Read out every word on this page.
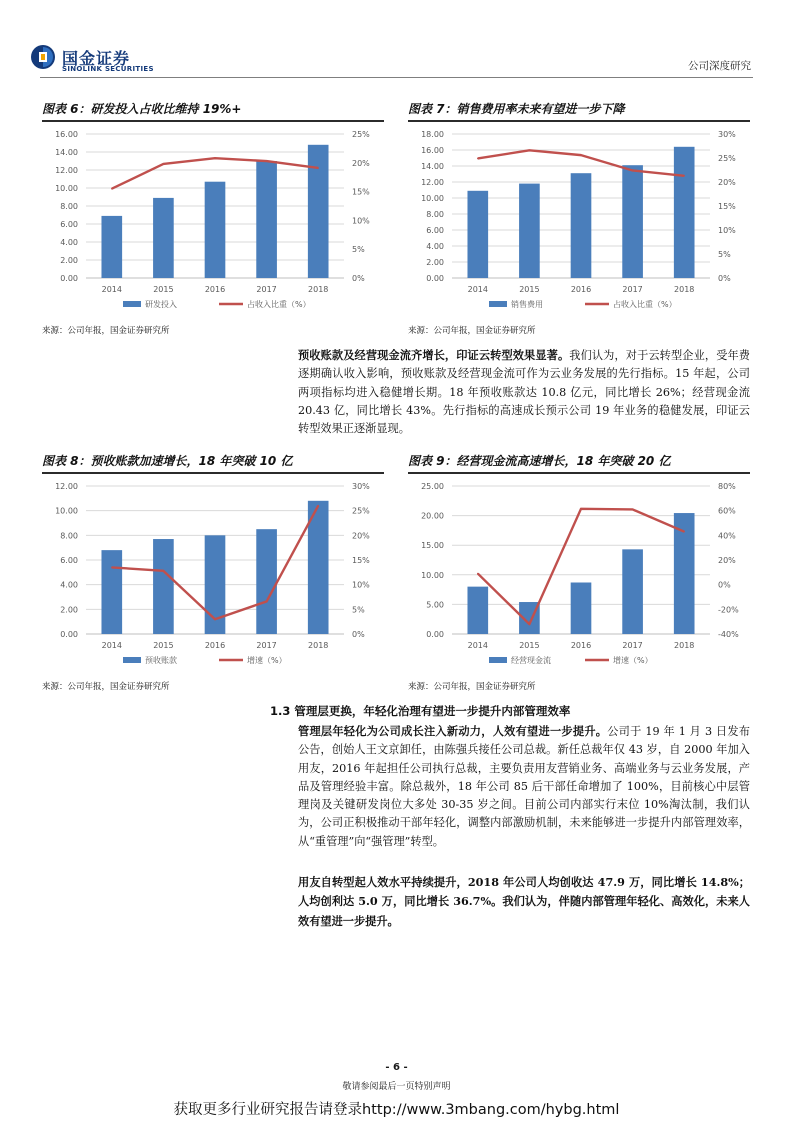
国金证券
SINOLINK SECURITIES	公司深度研究
图表 6：研发投入占收比维持 19%+
0.00
2.00
4.00
6.00
8.00
10.00
12.00
14.00
16.00
0%
5%
10%
15%
20%
25%
2014	2015	2016	2017	2018
研发投入	占收入比重（%）
来源：公司年报，国金证券研究所
图表 7：销售费用率未来有望进一步下降
0.00
2.00
4.00
6.00
8.00
10.00
12.00
14.00
16.00
18.00
0%
5%
10%
15%
20%
25%
30%
2014	2015	2016	2017	2018
销售费用	占收入比重（%）
来源：公司年报，国金证券研究所

预收账款及经营现金流齐增长，印证云转型效果显著。我们认为，对于云转型企业，受年费逐期确认收入影响，预收账款及经营现金流可作为云业务发展的先行指标。15 年起，公司两项指标均进入稳健增长期。18 年预收账款达 10.8 亿元，同比增长 26%；经营现金流 20.43 亿，同比增长 43%。先行指标的高速成长预示公司 19 年业务的稳健发展，印证云转型效果正逐渐显现。

图表 8：预收账款加速增长，18 年突破 10 亿
0.00
2.00
4.00
6.00
8.00
10.00
12.00
0%
5%
10%
15%
20%
25%
30%
2014	2015	2016	2017	2018
预收账款	增速（%）
来源：公司年报，国金证券研究所
图表 9：经营现金流高速增长，18 年突破 20 亿
0.00
5.00
10.00
15.00
20.00
25.00
-40%
-20%
0%
20%
40%
60%
80%
2014	2015	2016	2017	2018
经营现金流	增速（%）
来源：公司年报，国金证券研究所
1.3 管理层更换，年轻化治理有望进一步提升内部管理效率

管理层年轻化为公司成长注入新动力，人效有望进一步提升。公司于 19 年 1 月 3 日发布公告，创始人王文京卸任，由陈强兵接任公司总裁。新任总裁年仅 43 岁，自 2000 年加入用友，2016 年起担任公司执行总裁，主要负责用友营销业务、高端业务与云业务发展，产品及管理经验丰富。除总裁外，18 年公司 85 后干部任命增加了 100%，目前核心中层管理岗及关键研发岗位大多处 30-35 岁之间。目前公司内部实行末位 10%淘汰制，我们认为，公司正积极推动干部年轻化，调整内部激励机制，未来能够进一步提升内部管理效率，从“重管理”向“强管理”转型。

用友自转型起人效水平持续提升，2018 年公司人均创收达 47.9 万，同比增长 14.8%；人均创利达 5.0 万，同比增长 36.7%。我们认为，伴随内部管理年轻化、高效化，未来人效有望进一步提升。

- 6 -
敬请参阅最后一页特别声明
获取更多行业研究报告请登录http://www.3mbang.com/hybg.html
